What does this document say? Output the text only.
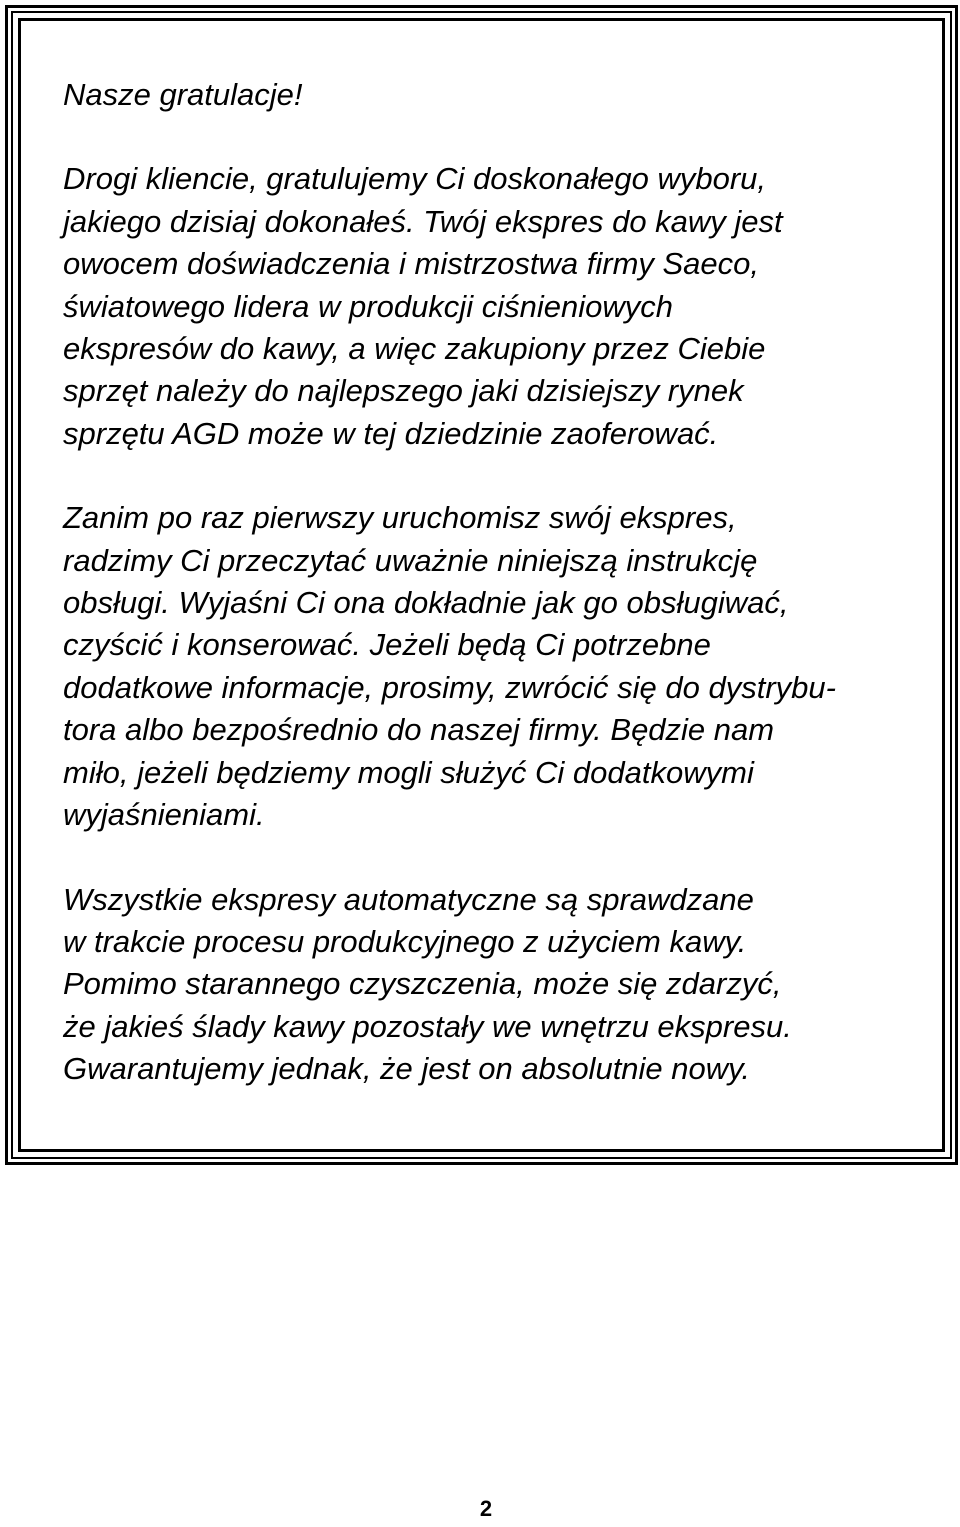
Nasze gratulacje!

Drogi kliencie, gratulujemy Ci doskonałego wyboru,
jakiego dzisiaj dokonałeś. Twój ekspres do kawy jest
owocem doświadczenia i mistrzostwa firmy Saeco,
światowego lidera w produkcji ciśnieniowych
ekspresów do kawy, a więc zakupiony przez Ciebie
sprzęt należy do najlepszego jaki dzisiejszy rynek
sprzętu AGD może w tej dziedzinie zaoferować.

Zanim po raz pierwszy uruchomisz swój ekspres,
radzimy Ci przeczytać uważnie niniejszą instrukcję
obsługi. Wyjaśni Ci ona dokładnie jak go obsługiwać,
czyścić i konserować. Jeżeli będą Ci potrzebne
dodatkowe informacje, prosimy, zwrócić się do dystrybu-
tora albo bezpośrednio do naszej firmy. Będzie nam
miło, jeżeli będziemy mogli służyć Ci dodatkowymi
wyjaśnieniami.

Wszystkie ekspresy automatyczne są sprawdzane
w trakcie procesu produkcyjnego z użyciem kawy.
Pomimo starannego czyszczenia, może się zdarzyć,
że jakieś ślady kawy pozostały we wnętrzu ekspresu.
Gwarantujemy jednak, że jest on absolutnie nowy.

2
